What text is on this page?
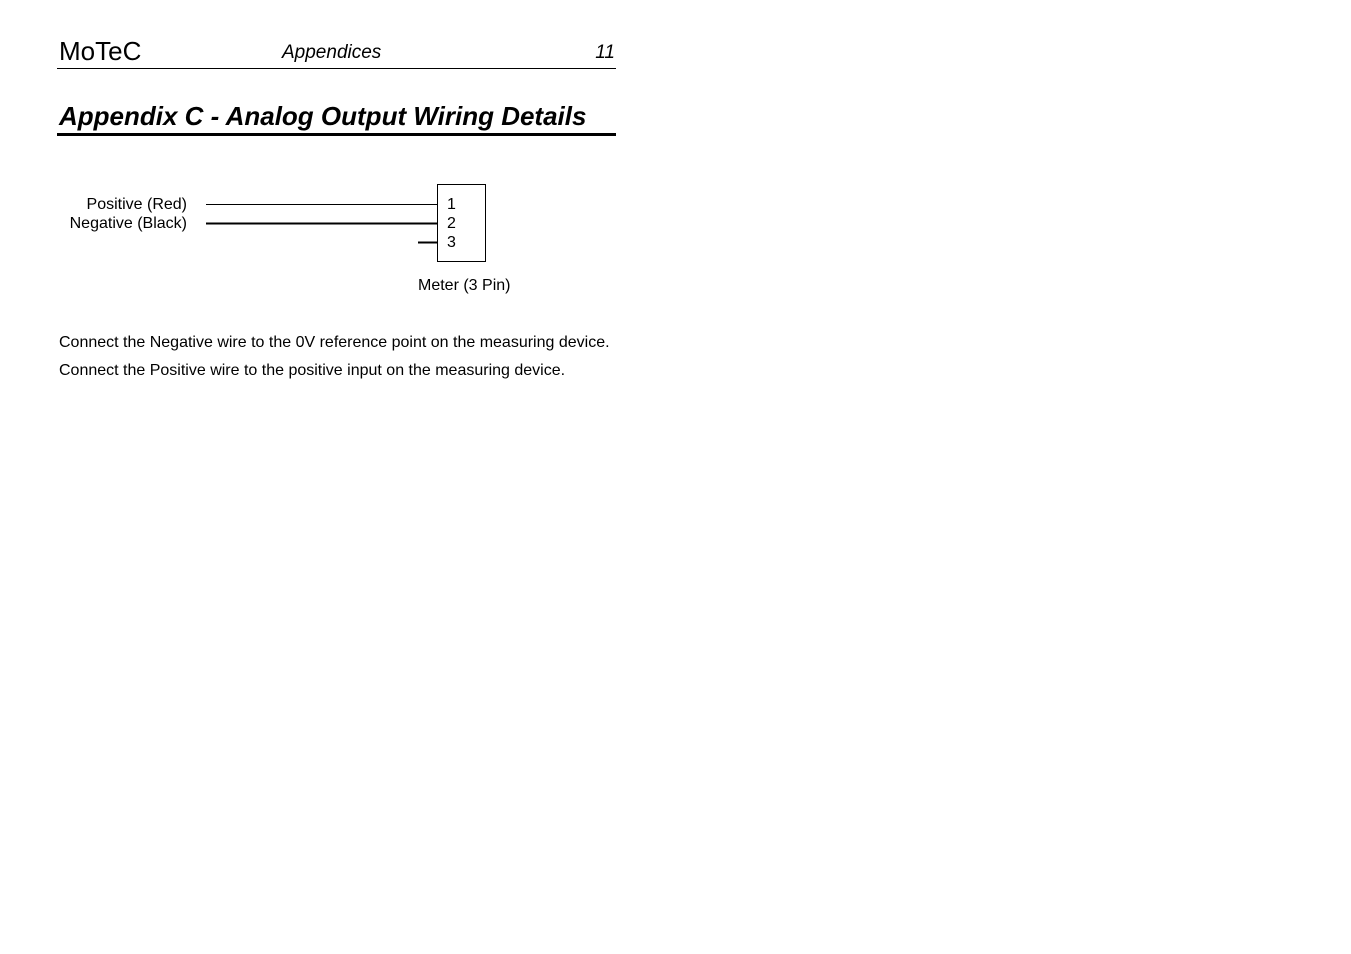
MoTeC	Appendices	11
Appendix C - Analog Output Wiring Details
Positive (Red)
Negative (Black)
1
2
3
Meter (3 Pin)

Connect the Negative wire to the 0V reference point on the measuring device.

Connect the Positive wire to the positive input on the measuring device.
